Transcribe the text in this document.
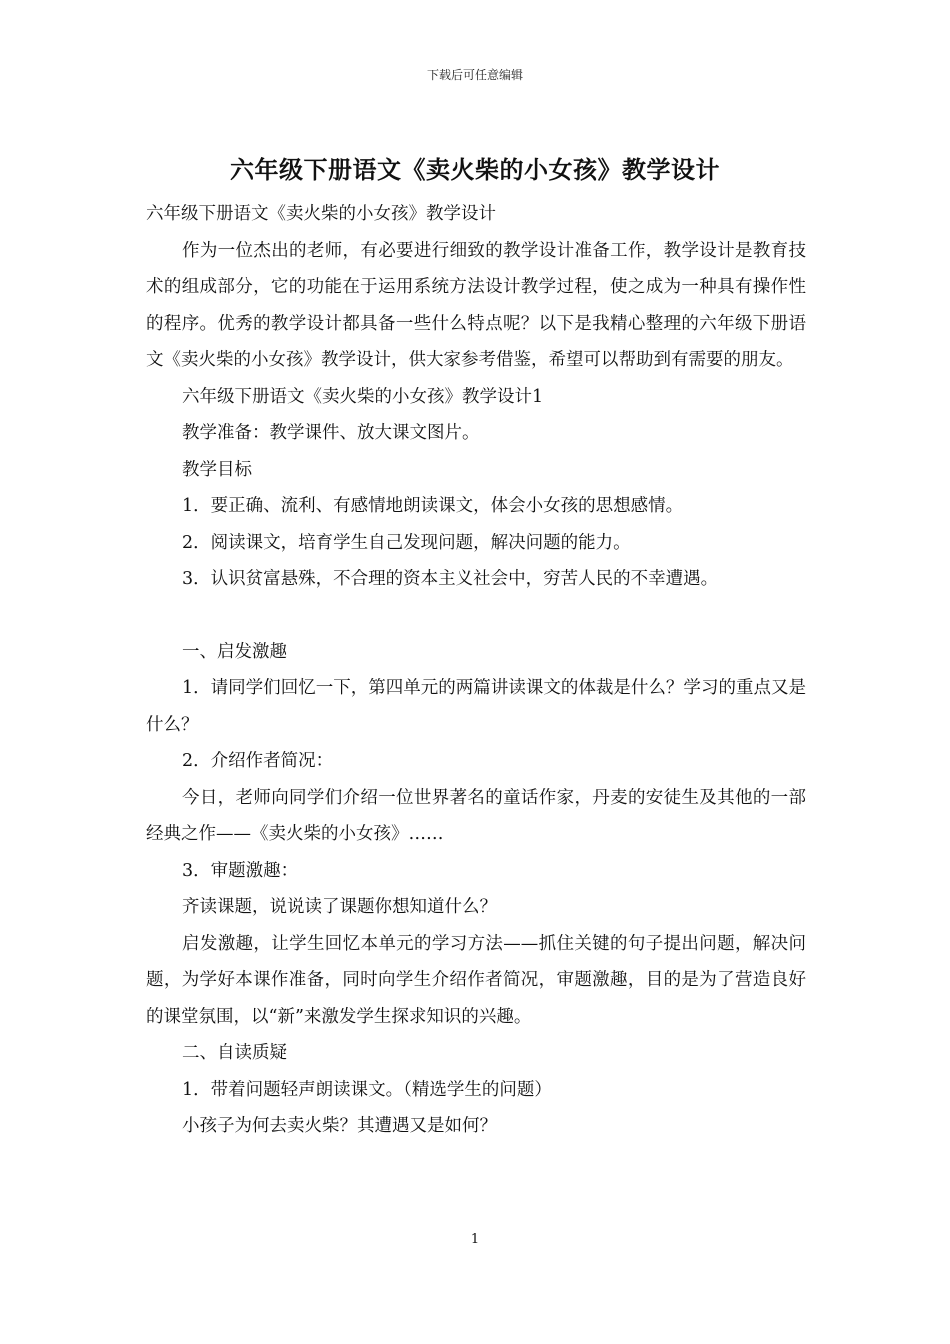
下载后可任意编辑
六年级下册语文《卖火柴的小女孩》教学设计

六年级下册语文《卖火柴的小女孩》教学设计

作为一位杰出的老师，有必要进行细致的教学设计准备工作，教学设计是教育技术的组成部分，它的功能在于运用系统方法设计教学过程，使之成为一种具有操作性的程序。优秀的教学设计都具备一些什么特点呢？以下是我精心整理的六年级下册语文《卖火柴的小女孩》教学设计，供大家参考借鉴，希望可以帮助到有需要的朋友。

六年级下册语文《卖火柴的小女孩》教学设计1

教学准备：教学课件、放大课文图片。

教学目标

1．要正确、流利、有感情地朗读课文，体会小女孩的思想感情。

2．阅读课文，培育学生自己发现问题，解决问题的能力。

3．认识贫富悬殊，不合理的资本主义社会中，穷苦人民的不幸遭遇。

一、启发激趣

1．请同学们回忆一下，第四单元的两篇讲读课文的体裁是什么？学习的重点又是什么？

2．介绍作者简况：

今日，老师向同学们介绍一位世界著名的童话作家，丹麦的安徒生及其他的一部经典之作——《卖火柴的小女孩》……

3．审题激趣：

齐读课题，说说读了课题你想知道什么？

启发激趣，让学生回忆本单元的学习方法——抓住关键的句子提出问题，解决问题，为学好本课作准备，同时向学生介绍作者简况，审题激趣，目的是为了营造良好的课堂氛围，以“新”来激发学生探求知识的兴趣。

二、自读质疑

1．带着问题轻声朗读课文。（精选学生的问题）

小孩子为何去卖火柴？其遭遇又是如何？

1
